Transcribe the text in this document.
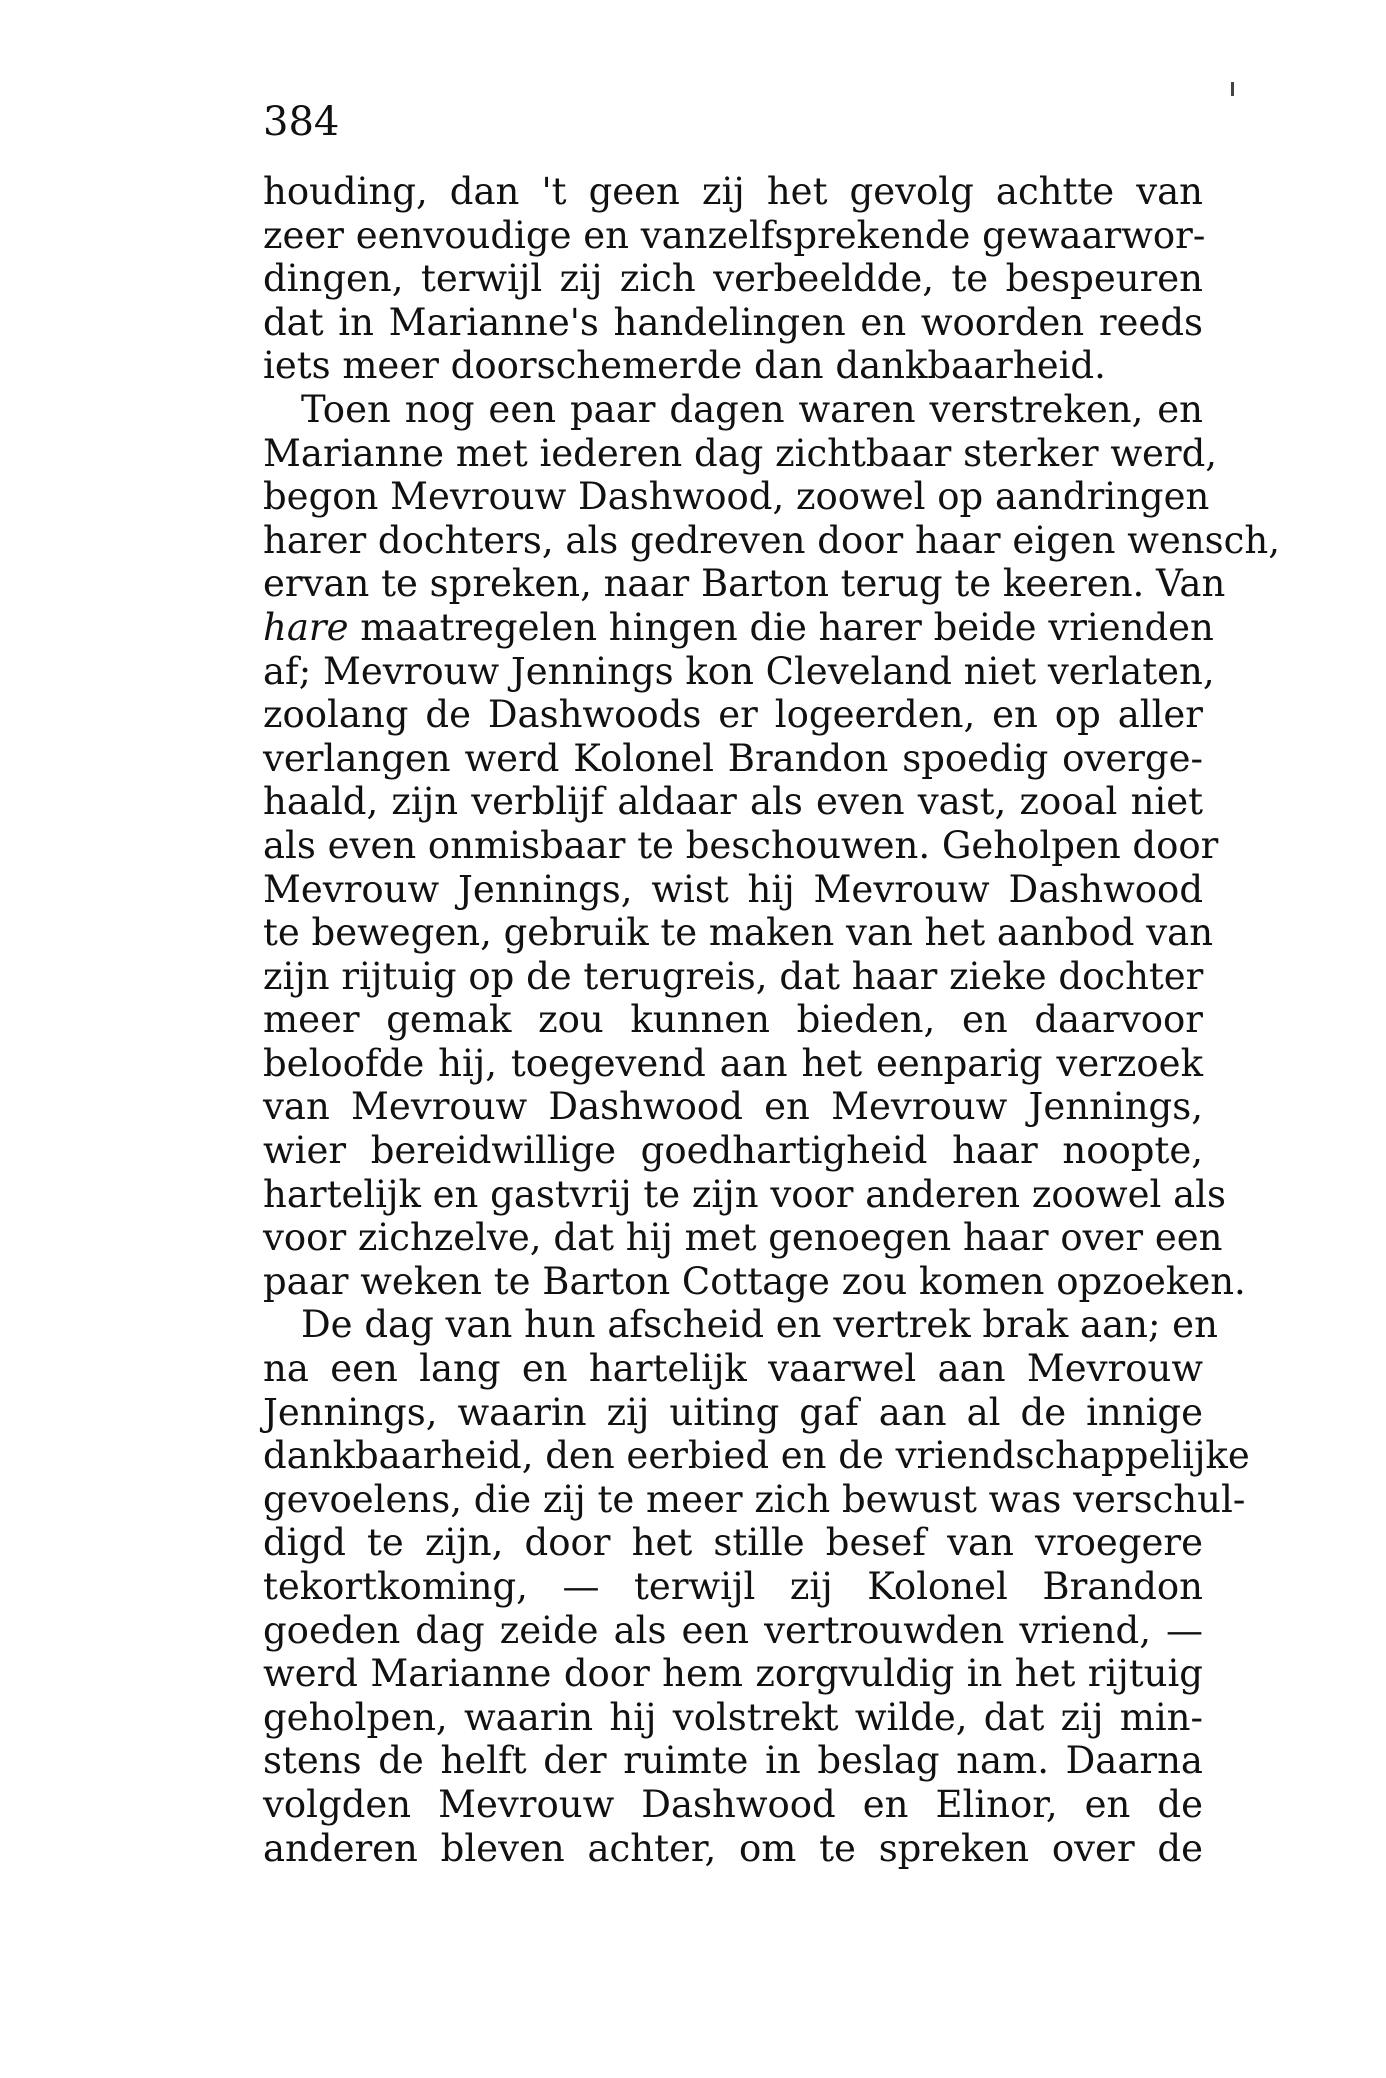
384

houding, dan 't geen zij het gevolg achtte van
zeer eenvoudige en vanzelfsprekende gewaarwor-
dingen, terwijl zij zich verbeeldde, te bespeuren
dat in Marianne's handelingen en woorden reeds
iets meer doorschemerde dan dankbaarheid.
Toen nog een paar dagen waren verstreken, en
Marianne met iederen dag zichtbaar sterker werd,
begon Mevrouw Dashwood, zoowel op aandringen
harer dochters, als gedreven door haar eigen wensch,
ervan te spreken, naar Barton terug te keeren. Van
hare maatregelen hingen die harer beide vrienden
af; Mevrouw Jennings kon Cleveland niet verlaten,
zoolang de Dashwoods er logeerden, en op aller
verlangen werd Kolonel Brandon spoedig overge-
haald, zijn verblijf aldaar als even vast, zooal niet
als even onmisbaar te beschouwen. Geholpen door
Mevrouw Jennings, wist hij Mevrouw Dashwood
te bewegen, gebruik te maken van het aanbod van
zijn rijtuig op de terugreis, dat haar zieke dochter
meer gemak zou kunnen bieden, en daarvoor
beloofde hij, toegevend aan het eenparig verzoek
van Mevrouw Dashwood en Mevrouw Jennings,
wier bereidwillige goedhartigheid haar noopte,
hartelijk en gastvrij te zijn voor anderen zoowel als
voor zichzelve, dat hij met genoegen haar over een
paar weken te Barton Cottage zou komen opzoeken.
De dag van hun afscheid en vertrek brak aan; en
na een lang en hartelijk vaarwel aan Mevrouw
Jennings, waarin zij uiting gaf aan al de innige
dankbaarheid, den eerbied en de vriendschappelijke
gevoelens, die zij te meer zich bewust was verschul-
digd te zijn, door het stille besef van vroegere
tekortkoming, — terwijl zij Kolonel Brandon
goeden dag zeide als een vertrouwden vriend, —
werd Marianne door hem zorgvuldig in het rijtuig
geholpen, waarin hij volstrekt wilde, dat zij min-
stens de helft der ruimte in beslag nam. Daarna
volgden Mevrouw Dashwood en Elinor, en de
anderen bleven achter, om te spreken over de
